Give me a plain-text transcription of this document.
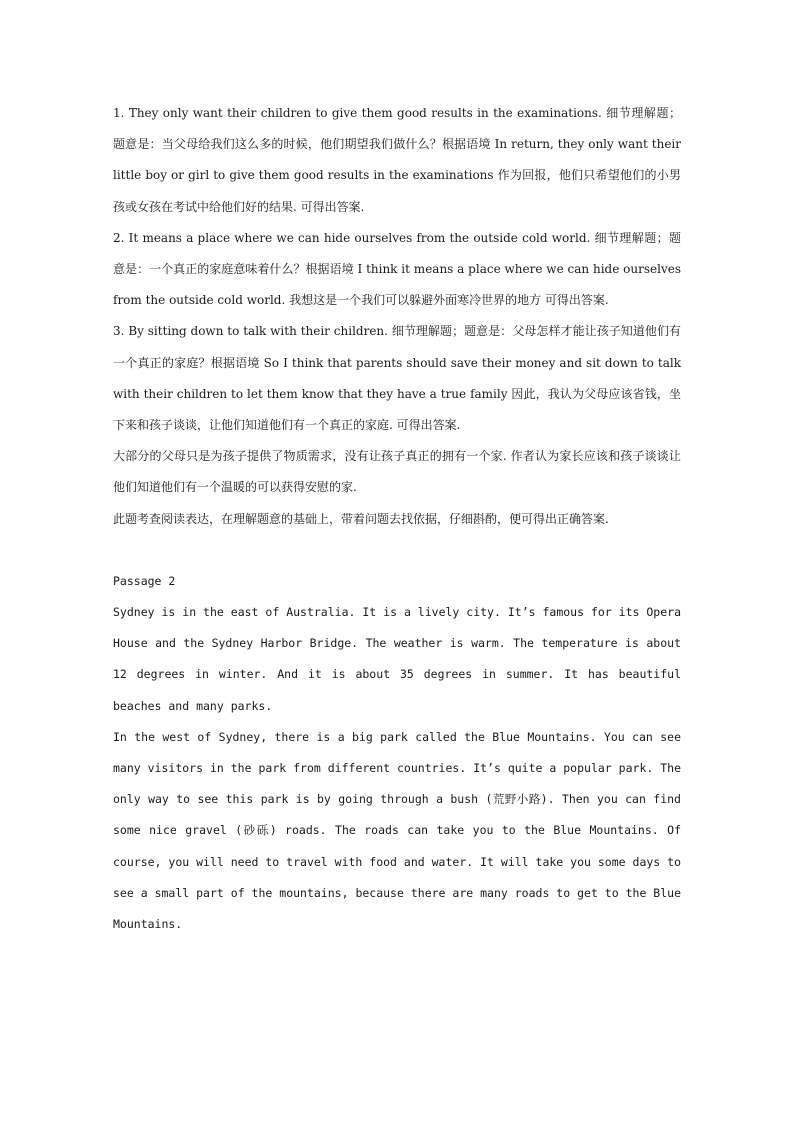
1. They only want their children to give them good results in the examinations. 细节理解题；题意是：当父母给我们这么多的时候，他们期望我们做什么？根据语境 In return, they only want their little boy or girl to give them good results in the examinations 作为回报，他们只希望他们的小男孩或女孩在考试中给他们好的结果. 可得出答案.

2. It means a place where we can hide ourselves from the outside cold world. 细节理解题；题意是：一个真正的家庭意味着什么？根据语境 I think it means a place where we can hide ourselves from the outside cold world. 我想这是一个我们可以躲避外面寒冷世界的地方 可得出答案.

3. By sitting down to talk with their children. 细节理解题；题意是：父母怎样才能让孩子知道他们有一个真正的家庭？根据语境 So I think that parents should save their money and sit down to talk with their children to let them know that they have a true family 因此，我认为父母应该省钱，坐下来和孩子谈谈，让他们知道他们有一个真正的家庭. 可得出答案.

大部分的父母只是为孩子提供了物质需求，没有让孩子真正的拥有一个家. 作者认为家长应该和孩子谈谈让他们知道他们有一个温暖的可以获得安慰的家.

此题考查阅读表达，在理解题意的基础上，带着问题去找依据，仔细斟酌，便可得出正确答案.

Passage 2

Sydney is in the east of Australia. It is a lively city. It’s famous for its Opera House and the Sydney Harbor Bridge. The weather is warm. The temperature is about 12 degrees in winter. And it is about 35 degrees in summer. It has beautiful beaches and many parks.

In the west of Sydney, there is a big park called the Blue Mountains. You can see many visitors in the park from different countries. It’s quite a popular park. The only way to see this park is by going through a bush (荒野小路). Then you can find some nice gravel (砂砾) roads. The roads can take you to the Blue Mountains. Of course, you will need to travel with food and water. It will take you some days to see a small part of the mountains, because there are many roads to get to the Blue Mountains.
